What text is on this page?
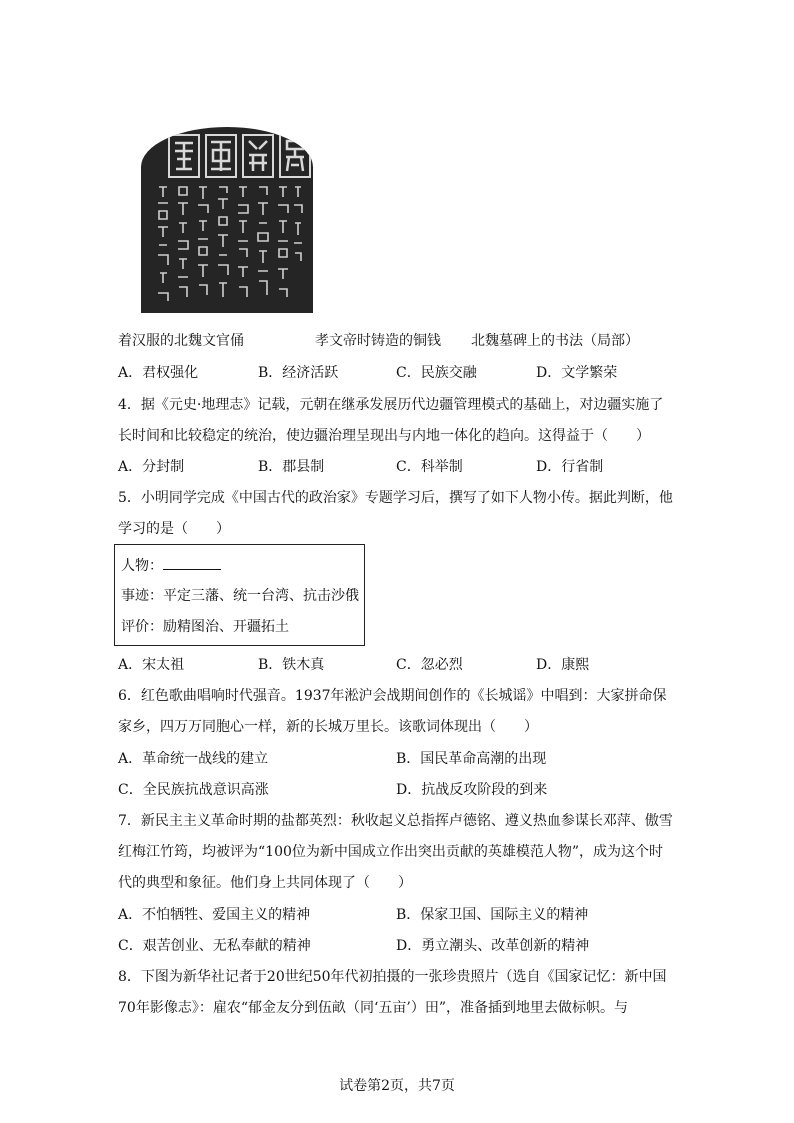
着汉服的北魏文官俑	孝文帝时铸造的铜钱 北魏墓碑上的书法（局部）
A．君权强化	B．经济活跃	C．民族交融	D．文学繁荣
4．据《元史·地理志》记载，元朝在继承发展历代边疆管理模式的基础上，对边疆实施了
长时间和比较稳定的统治，使边疆治理呈现出与内地一体化的趋向。这得益于（　　）
A．分封制	B．郡县制	C．科举制	D．行省制
5．小明同学完成《中国古代的政治家》专题学习后，撰写了如下人物小传。据此判断，他
学习的是（　　）
人物：
事迹：平定三藩、统一台湾、抗击沙俄
评价：励精图治、开疆拓土
A．宋太祖	B．铁木真	C．忽必烈	D．康熙
6．红色歌曲唱响时代强音。1937年淞沪会战期间创作的《长城谣》中唱到：大家拼命保
家乡，四万万同胞心一样，新的长城万里长。该歌词体现出（　　）
A．革命统一战线的建立	B．国民革命高潮的出现
C．全民族抗战意识高涨	D．抗战反攻阶段的到来
7．新民主主义革命时期的盐都英烈：秋收起义总指挥卢德铭、遵义热血参谋长邓萍、傲雪
红梅江竹筠，均被评为“100位为新中国成立作出突出贡献的英雄模范人物”，成为这个时
代的典型和象征。他们身上共同体现了（　　）
A．不怕牺牲、爱国主义的精神	B．保家卫国、国际主义的精神
C．艰苦创业、无私奉献的精神	D．勇立潮头、改革创新的精神
8．下图为新华社记者于20世纪50年代初拍摄的一张珍贵照片（选自《国家记忆：新中国
70年影像志》：雇农“郁金友分到伍畝（同‘五亩’）田”，准备插到地里去做标帜。与
试卷第2页，共7页
